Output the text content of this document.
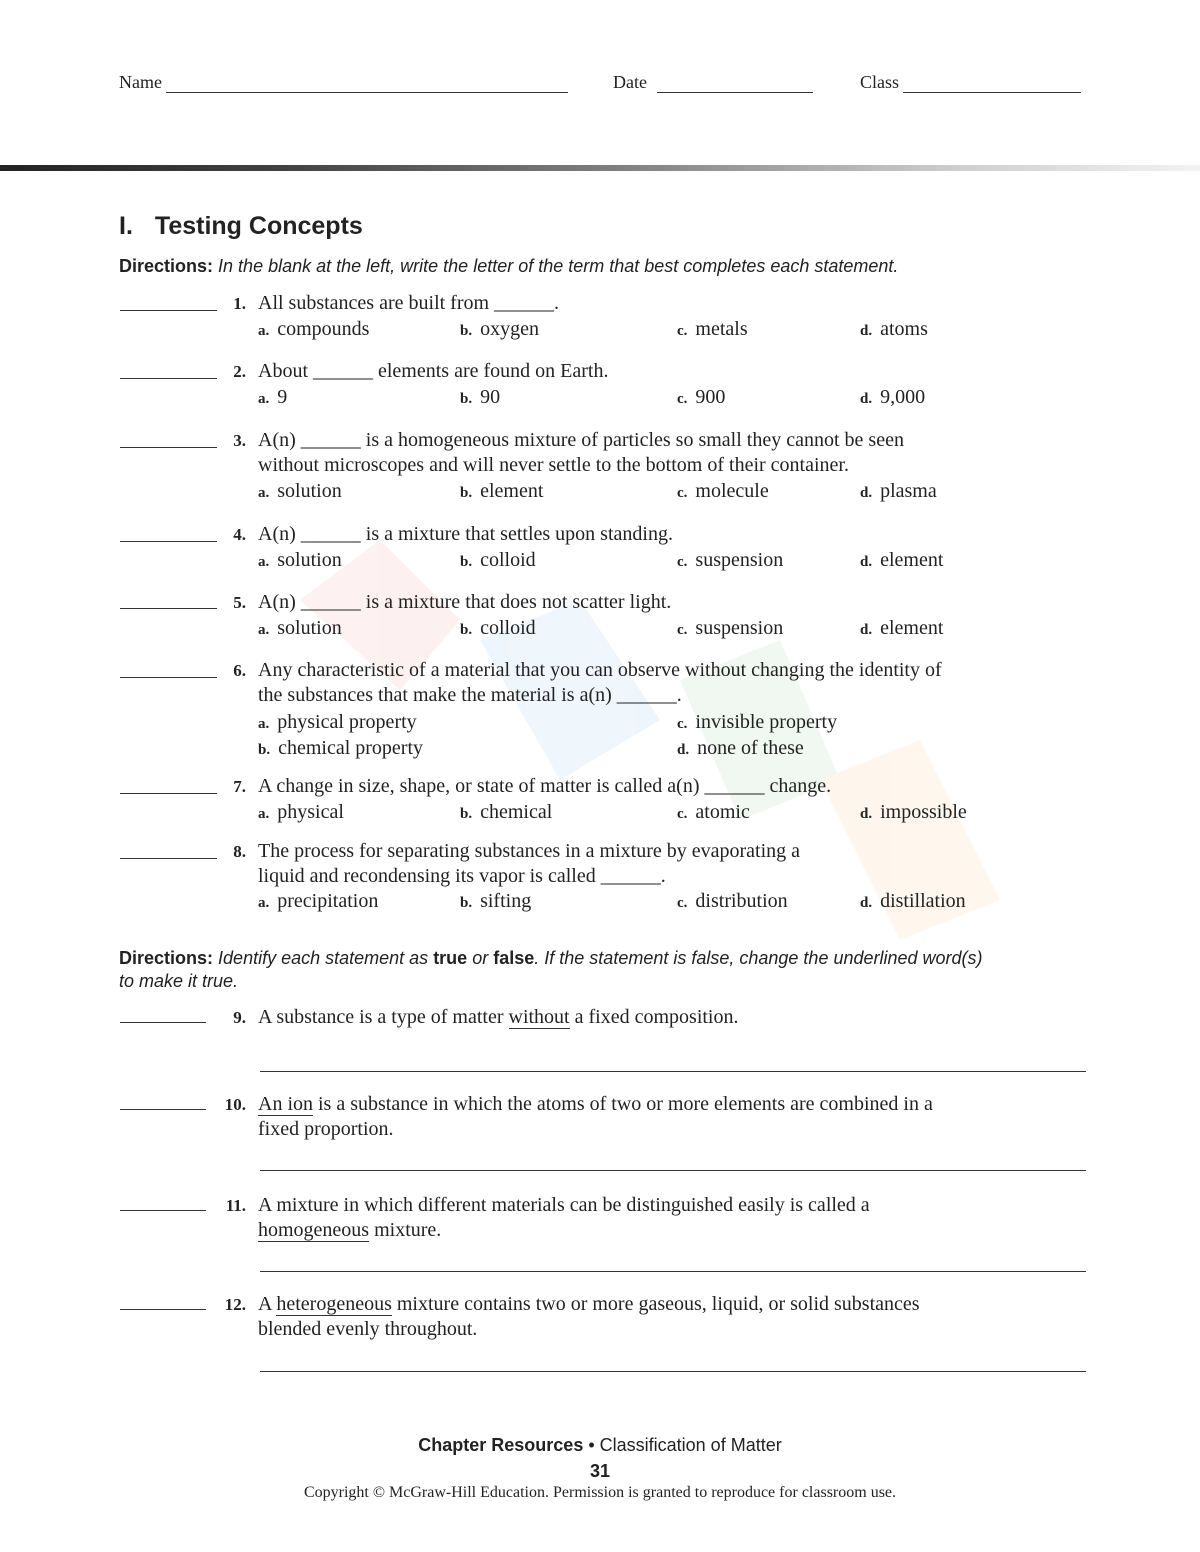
Name	Date	Class
I. Testing Concepts
Directions: In the blank at the left, write the letter of the term that best completes each statement.
1. All substances are built from ______.
a. compounds	b. oxygen	c. metals	d. atoms
2. About ______ elements are found on Earth.
a. 9	b. 90	c. 900	d. 9,000
3. A(n) ______ is a homogeneous mixture of particles so small they cannot be seen
without microscopes and will never settle to the bottom of their container.
a. solution	b. element	c. molecule	d. plasma
4. A(n) ______ is a mixture that settles upon standing.
a. solution	b. colloid	c. suspension	d. element
5. A(n) ______ is a mixture that does not scatter light.
a. solution	b. colloid	c. suspension	d. element
6. Any characteristic of a material that you can observe without changing the identity of
the substances that make the material is a(n) ______.
a. physical property	c. invisible property
b. chemical property	d. none of these
7. A change in size, shape, or state of matter is called a(n) ______ change.
a. physical	b. chemical	c. atomic	d. impossible
8. The process for separating substances in a mixture by evaporating a
liquid and recondensing its vapor is called ______.
a. precipitation	b. sifting	c. distribution	d. distillation
Directions: Identify each statement as true or false. If the statement is false, change the underlined word(s)
to make it true.
9. A substance is a type of matter without a fixed composition.
10. An ion is a substance in which the atoms of two or more elements are combined in a
fixed proportion.
11. A mixture in which different materials can be distinguished easily is called a
homogeneous mixture.
12. A heterogeneous mixture contains two or more gaseous, liquid, or solid substances
blended evenly throughout.
Chapter Resources • Classification of Matter
31
Copyright © McGraw-Hill Education. Permission is granted to reproduce for classroom use.
